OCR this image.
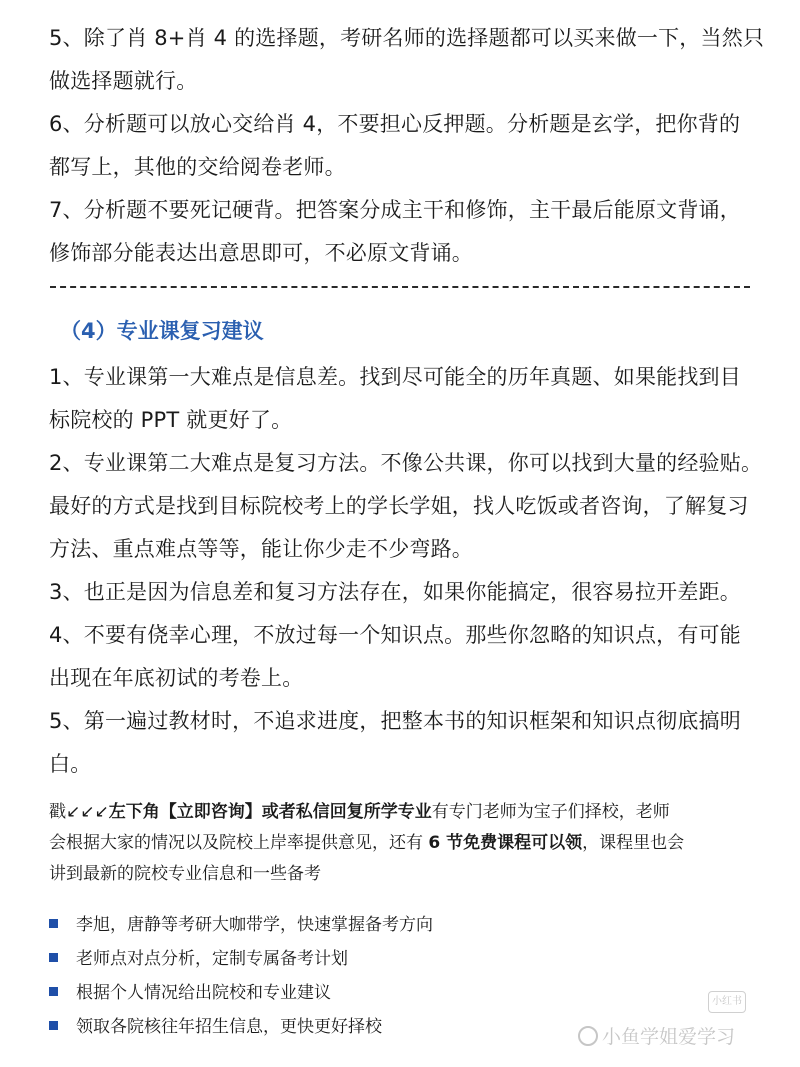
5、除了肖 8+肖 4 的选择题，考研名师的选择题都可以买来做一下，当然只
做选择题就行。
6、分析题可以放心交给肖 4，不要担心反押题。分析题是玄学，把你背的
都写上，其他的交给阅卷老师。
7、分析题不要死记硬背。把答案分成主干和修饰，主干最后能原文背诵，
修饰部分能表达出意思即可，不必原文背诵。
（4）专业课复习建议
1、专业课第一大难点是信息差。找到尽可能全的历年真题、如果能找到目
标院校的 PPT 就更好了。
2、专业课第二大难点是复习方法。不像公共课，你可以找到大量的经验贴。
最好的方式是找到目标院校考上的学长学姐，找人吃饭或者咨询，了解复习
方法、重点难点等等，能让你少走不少弯路。
3、也正是因为信息差和复习方法存在，如果你能搞定，很容易拉开差距。
4、不要有侥幸心理，不放过每一个知识点。那些你忽略的知识点，有可能
出现在年底初试的考卷上。
5、第一遍过教材时，不追求进度，把整本书的知识框架和知识点彻底搞明
白。
戳↙↙↙左下角【立即咨询】或者私信回复所学专业有专门老师为宝子们择校，老师
会根据大家的情况以及院校上岸率提供意见，还有 6 节免费课程可以领，课程里也会
讲到最新的院校专业信息和一些备考
李旭，唐静等考研大咖带学，快速掌握备考方向
老师点对点分析，定制专属备考计划
根据个人情况给出院校和专业建议
领取各院核往年招生信息，更快更好择校
小红书
小鱼学姐爱学习
